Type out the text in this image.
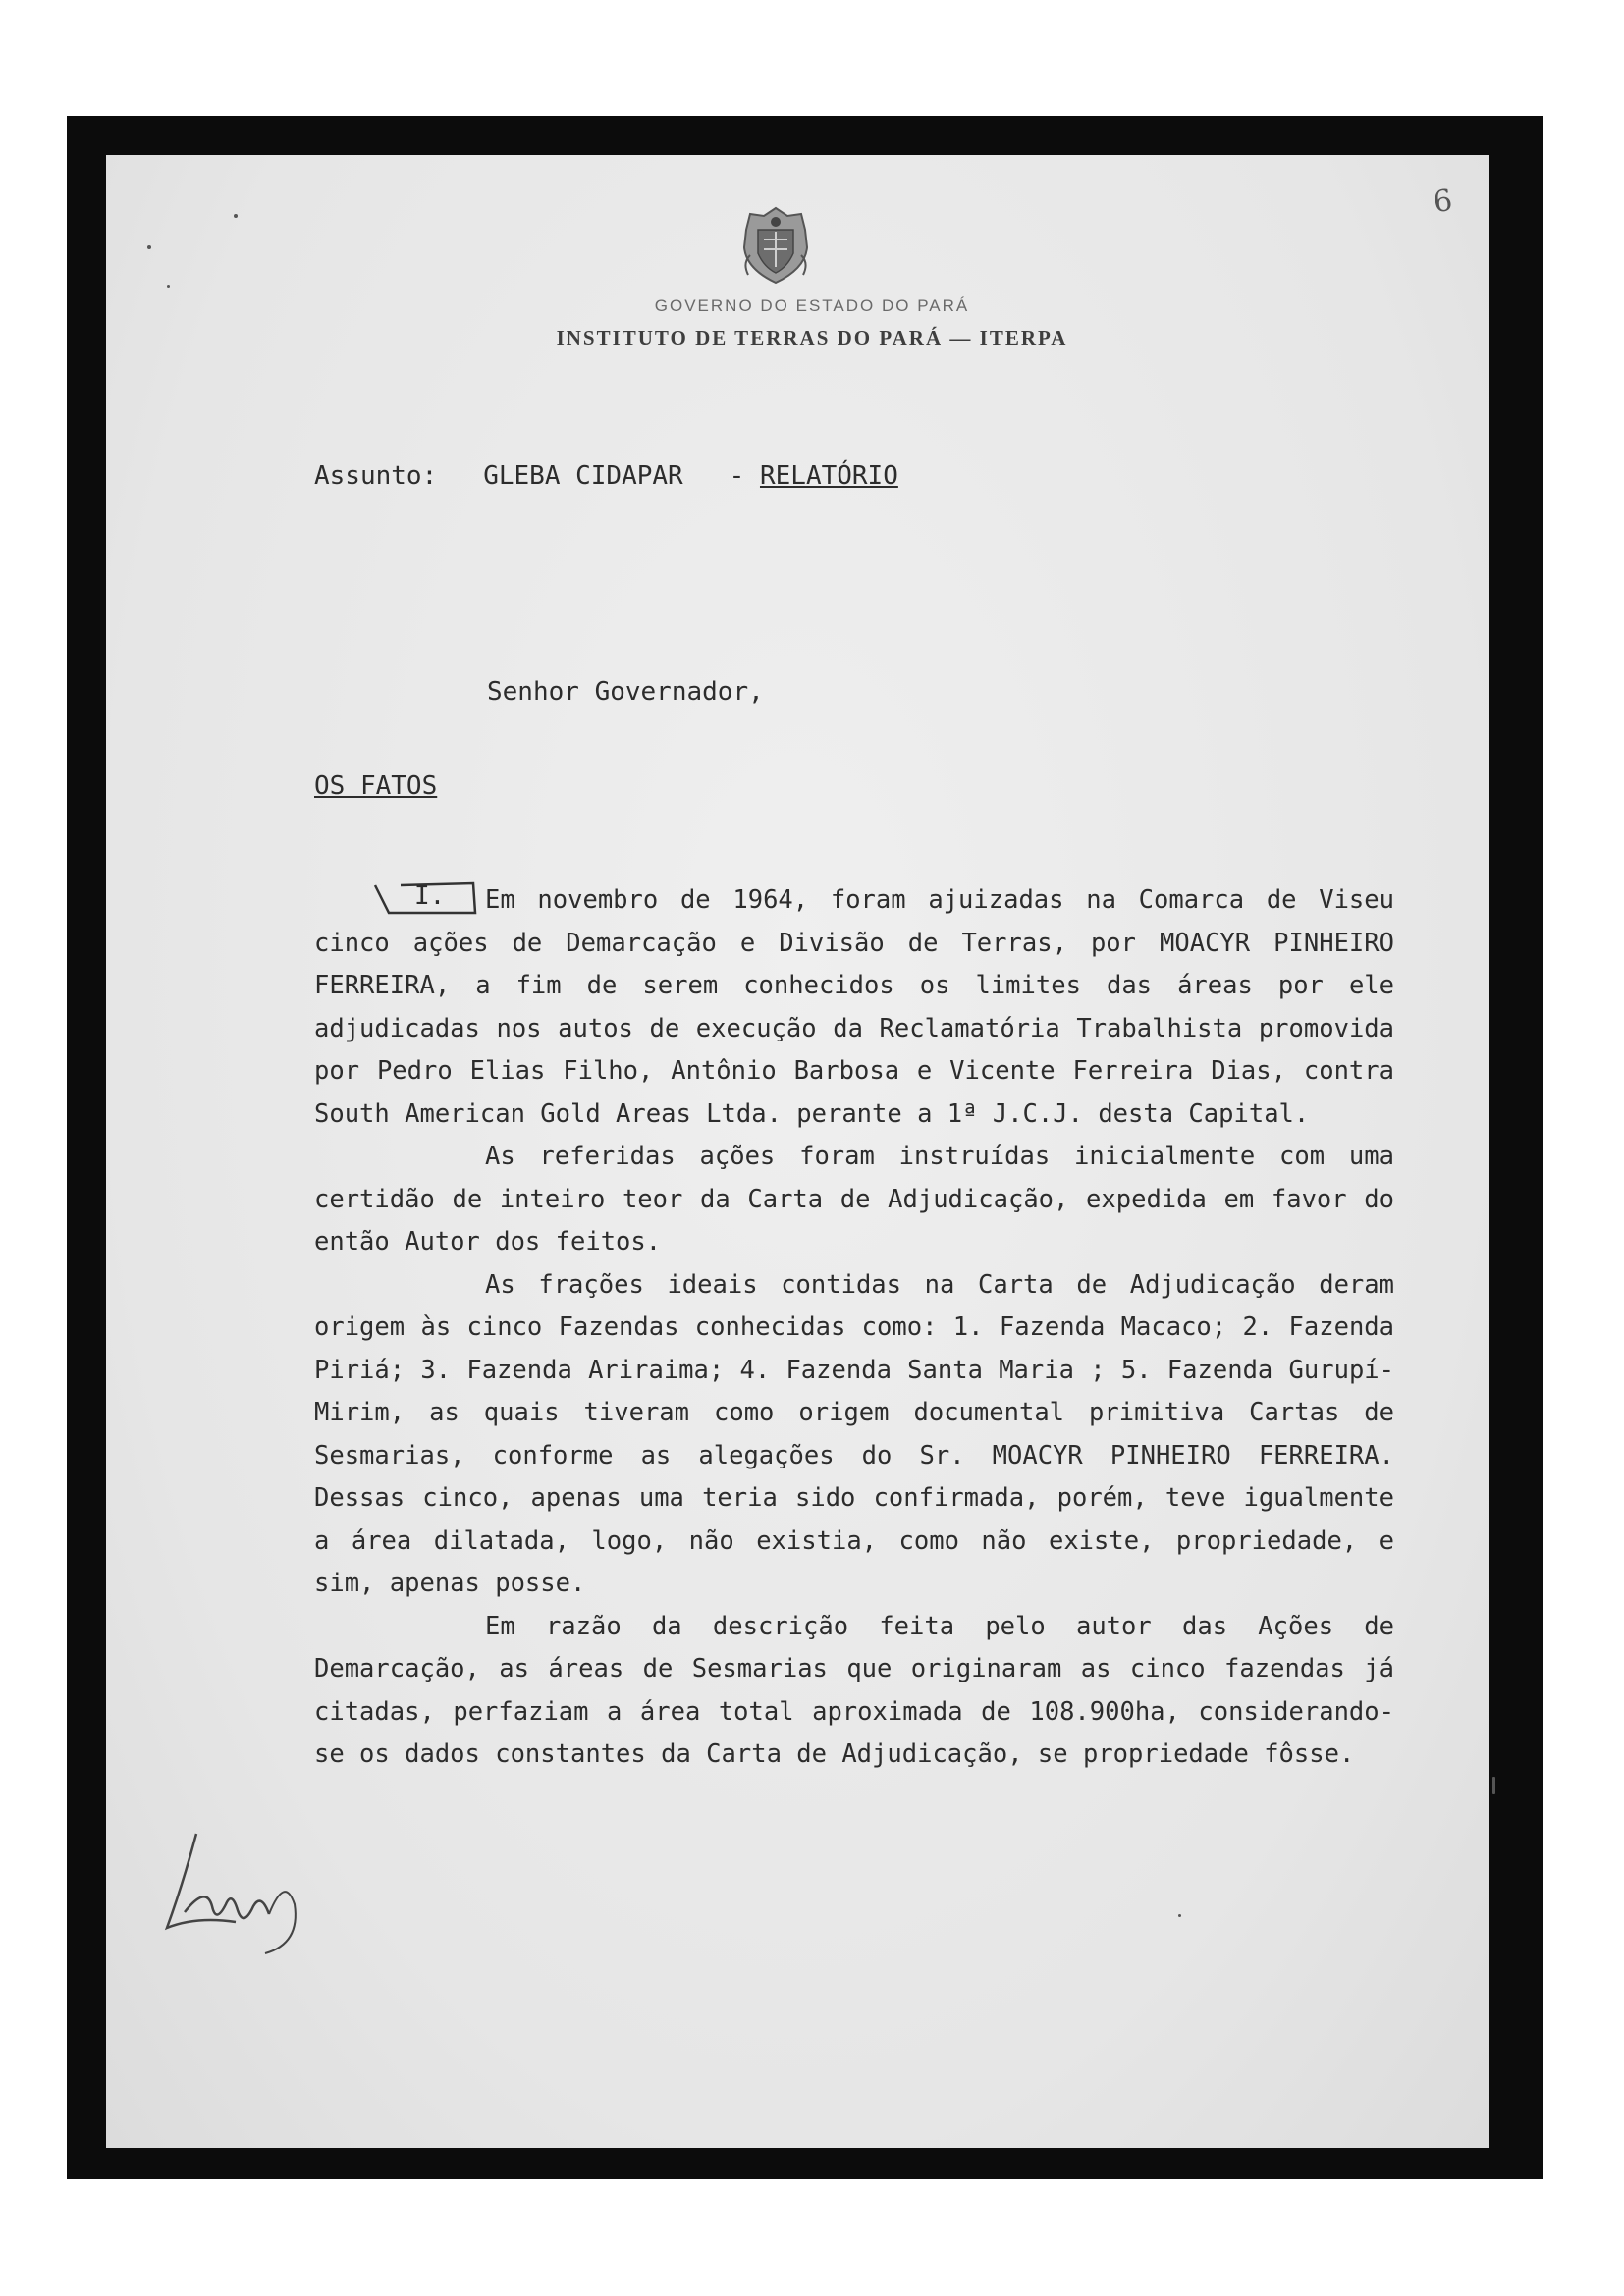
6
GOVERNO DO ESTADO DO PARÁ
INSTITUTO DE TERRAS DO PARÁ — ITERPA
Assunto: GLEBA CIDAPAR   - RELATÓRIO
Senhor Governador,
OS FATOS

Em novembro de 1964, foram ajuizadas na Comarca de Viseu cinco ações de Demarcação e Divisão de Terras, por MOACYR PINHEIRO FERREIRA, a fim de serem conhecidos os limites das áreas por ele adjudicadas nos autos de execução da Reclamatória Trabalhista promovida por Pedro Elias Filho, Antônio Barbosa e Vicente Ferreira Dias, contra South American Gold Areas Ltda. perante a 1ª J.C.J. desta Capital.

As referidas ações foram instruídas inicialmente com uma certidão de inteiro teor da Carta de Adjudicação, expedida em favor do então Autor dos feitos.

As frações ideais contidas na Carta de Adjudicação deram origem às cinco Fazendas conhecidas como: 1. Fazenda Macaco; 2. Fazenda Piriá; 3. Fazenda Ariraima; 4. Fazenda Santa Maria ; 5. Fazenda Gurupí-Mirim, as quais tiveram como origem documental primitiva Cartas de Sesmarias, conforme as alegações do Sr. MOACYR PINHEIRO FERREIRA. Dessas cinco, apenas uma teria sido confirmada, porém, teve igualmente a área dilatada, logo, não existia, como não existe, propriedade, e sim, apenas posse.

Em razão da descrição feita pelo autor das Ações de Demarcação, as áreas de Sesmarias que originaram as cinco fazendas já citadas, perfaziam a área total aproximada de 108.900ha, considerando-se os dados constantes da Carta de Adjudicação, se propriedade fôsse.

I.
